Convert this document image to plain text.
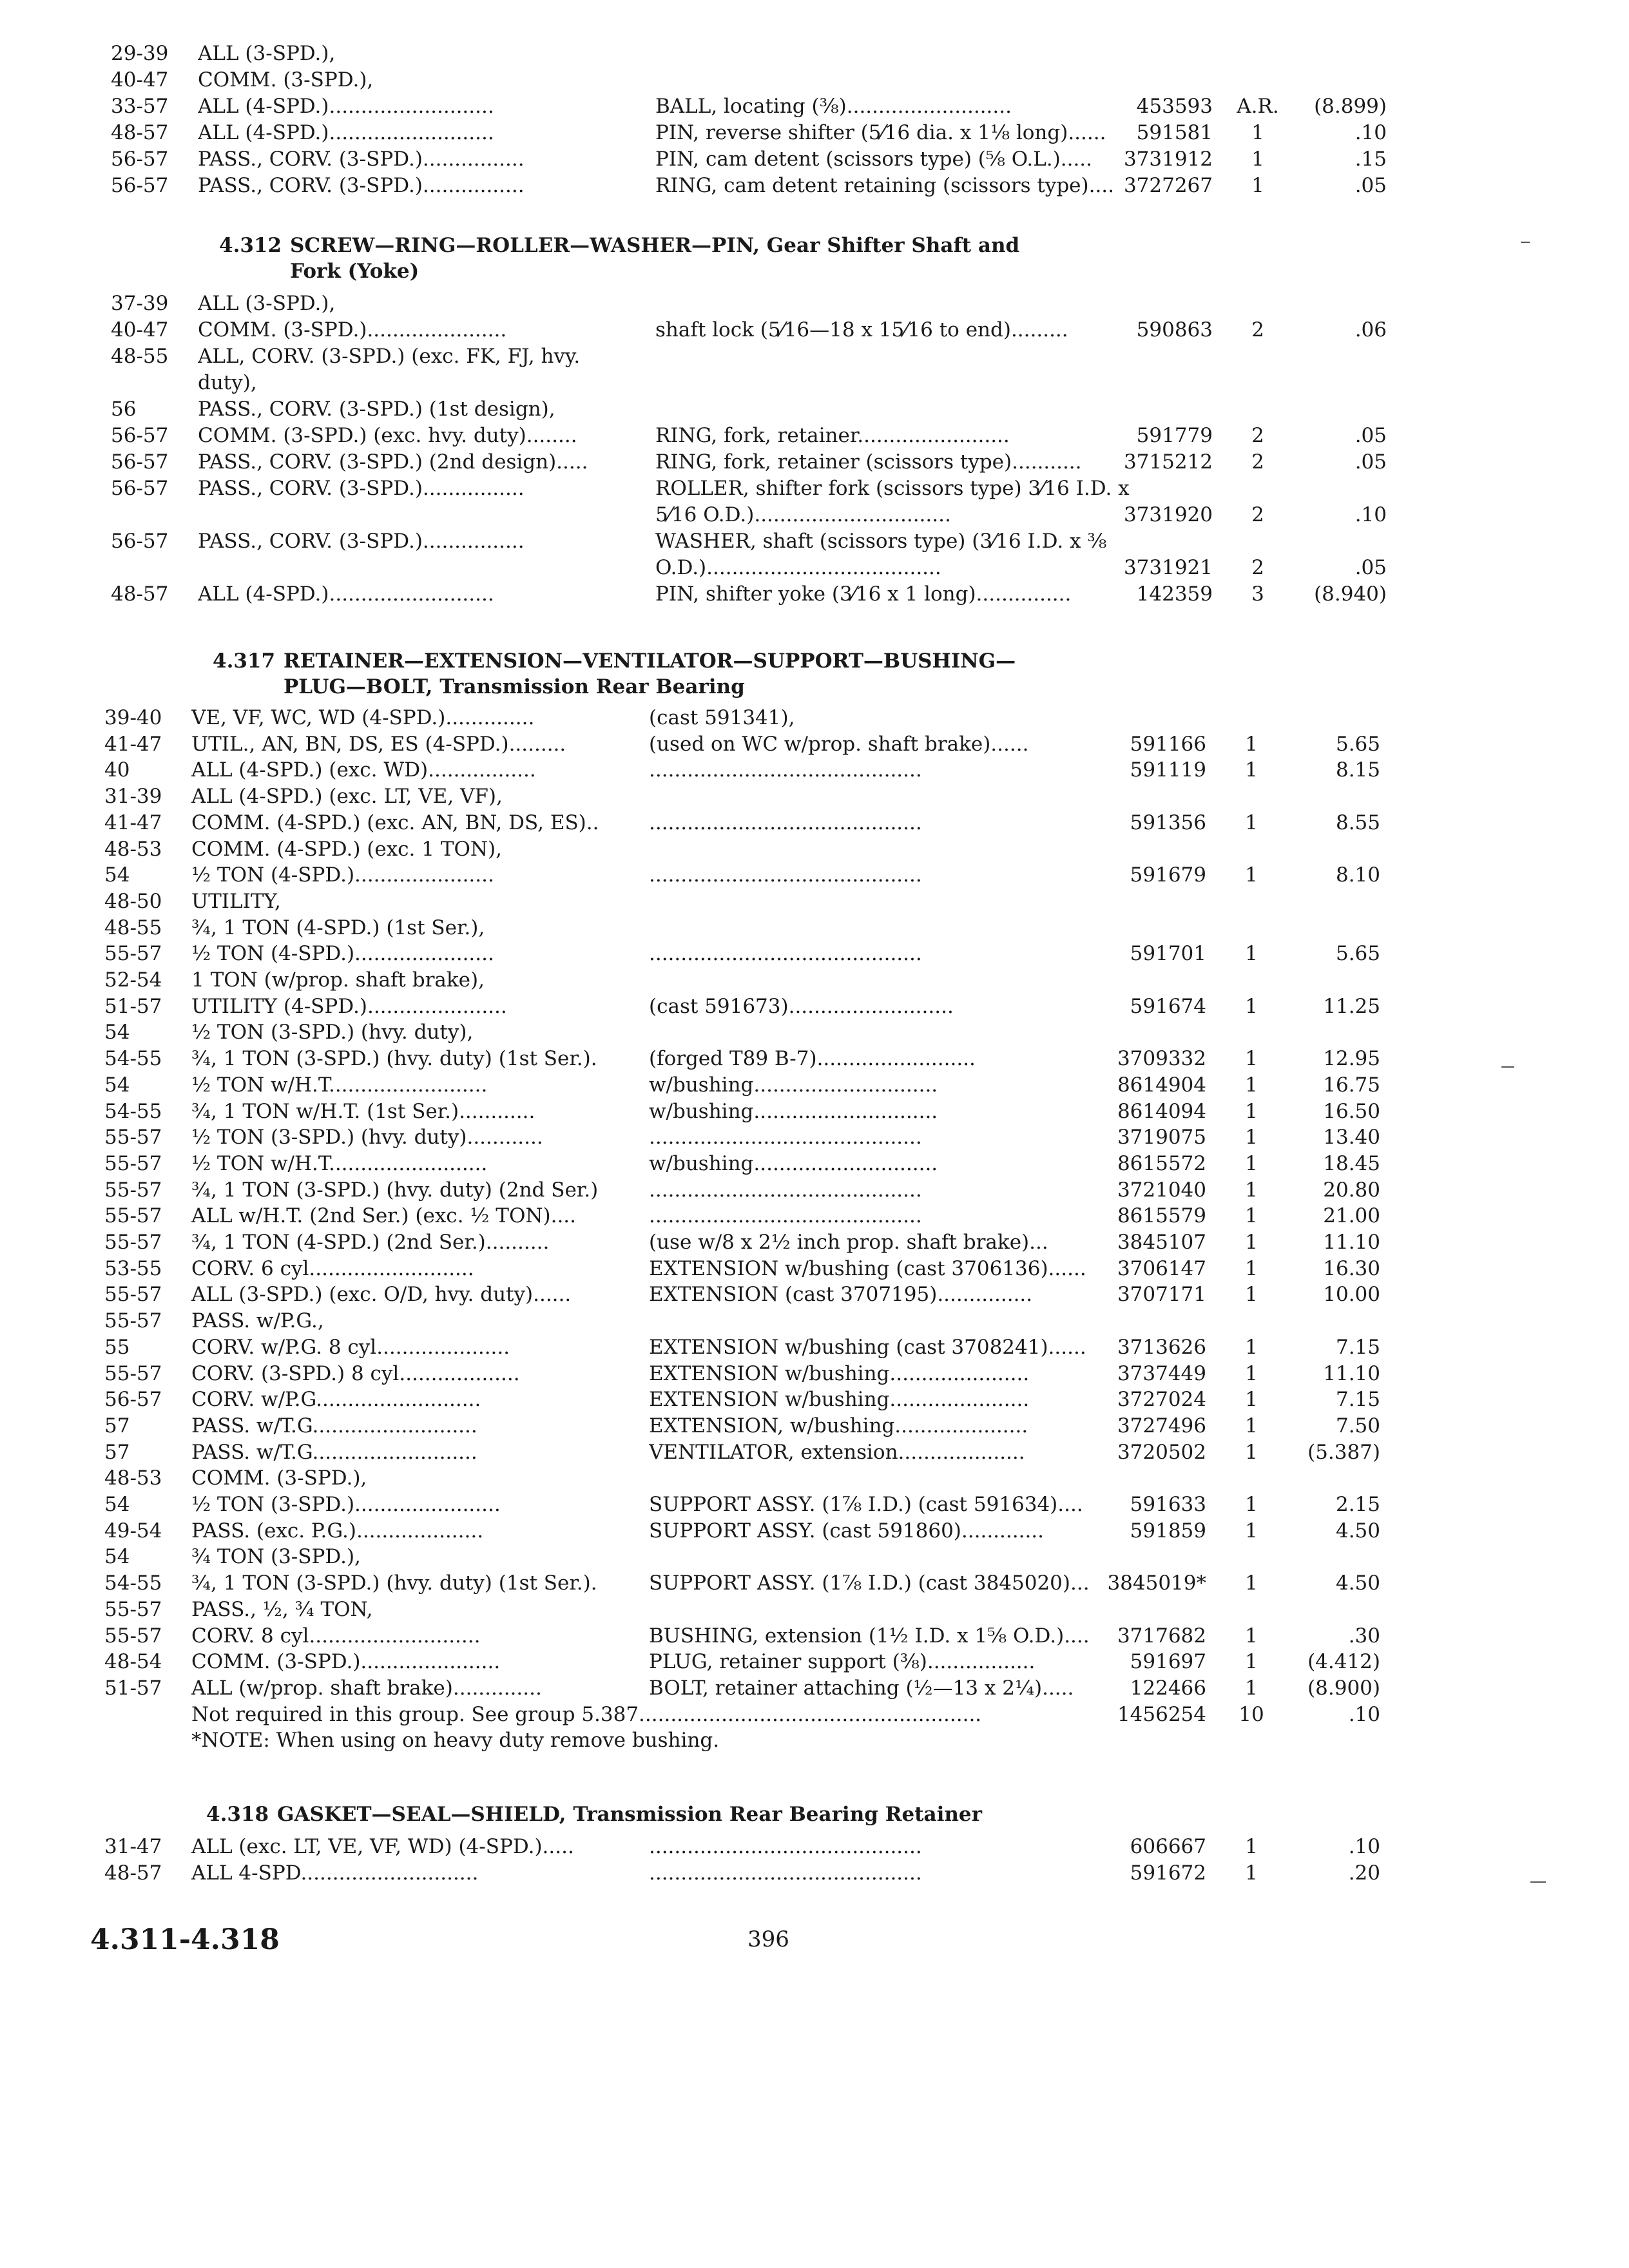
29-39	ALL (3-SPD.),
40-47	COMM. (3-SPD.),
33-57	ALL (4-SPD.)..........................	BALL, locating (⅜)..........................	453593 A.R.	(8.899)
48-57	ALL (4-SPD.)..........................	PIN, reverse shifter (5⁄16 dia. x 1⅛ long)......	591581	1	.10
56-57	PASS., CORV. (3-SPD.)................	PIN, cam detent (scissors type) (⅝ O.L.).....	3731912	1	.15
56-57	PASS., CORV. (3-SPD.)................	RING, cam detent retaining (scissors type).... 3727267	1	.05
4.312 SCREW—RING—ROLLER—WASHER—PIN, Gear Shifter Shaft and
Fork (Yoke)
37-39	ALL (3-SPD.),
40-47	COMM. (3-SPD.)......................	shaft lock (5⁄16—18 x 15⁄16 to end).........	590863	2	.06
48-55	ALL, CORV. (3-SPD.) (exc. FK, FJ, hvy.
duty),
56	PASS., CORV. (3-SPD.) (1st design),
56-57	COMM. (3-SPD.) (exc. hvy. duty)........	RING, fork, retainer........................	591779	2	.05
56-57	PASS., CORV. (3-SPD.) (2nd design).....	RING, fork, retainer (scissors type)...........	3715212	2	.05
56-57	PASS., CORV. (3-SPD.)................	ROLLER, shifter fork (scissors type) 3⁄16 I.D. x
5⁄16 O.D.)...............................	3731920	2	.10
56-57	PASS., CORV. (3-SPD.)................	WASHER, shaft (scissors type) (3⁄16 I.D. x ⅜
O.D.).....................................	3731921	2	.05
48-57	ALL (4-SPD.)..........................	PIN, shifter yoke (3⁄16 x 1 long)...............	142359	3	(8.940)
4.317 RETAINER—EXTENSION—VENTILATOR—SUPPORT—BUSHING—
PLUG—BOLT, Transmission Rear Bearing
39-40	VE, VF, WC, WD (4-SPD.)..............	(cast 591341),
41-47	UTIL., AN, BN, DS, ES (4-SPD.).........	(used on WC w/prop. shaft brake)......	591166	1	5.65
40	ALL (4-SPD.) (exc. WD).................	...........................................	591119	1	8.15
31-39	ALL (4-SPD.) (exc. LT, VE, VF),
41-47	COMM. (4-SPD.) (exc. AN, BN, DS, ES)..	...........................................	591356	1	8.55
48-53	COMM. (4-SPD.) (exc. 1 TON),
54	½ TON (4-SPD.)......................	...........................................	591679	1	8.10
48-50	UTILITY,
48-55	¾, 1 TON (4-SPD.) (1st Ser.),
55-57	½ TON (4-SPD.)......................	...........................................	591701	1	5.65
52-54	1 TON (w/prop. shaft brake),
51-57	UTILITY (4-SPD.)......................	(cast 591673)..........................	591674	1	11.25
54	½ TON (3-SPD.) (hvy. duty),
54-55	¾, 1 TON (3-SPD.) (hvy. duty) (1st Ser.).	(forged T89 B-7).........................	3709332	1	12.95
54	½ TON w/H.T.........................	w/bushing.............................	8614904	1	16.75
54-55	¾, 1 TON w/H.T. (1st Ser.)............	w/bushing.............................	8614094	1	16.50
55-57	½ TON (3-SPD.) (hvy. duty)............	...........................................	3719075	1	13.40
55-57	½ TON w/H.T.........................	w/bushing.............................	8615572	1	18.45
55-57	¾, 1 TON (3-SPD.) (hvy. duty) (2nd Ser.)	...........................................	3721040	1	20.80
55-57	ALL w/H.T. (2nd Ser.) (exc. ½ TON)....	...........................................	8615579	1	21.00
55-57	¾, 1 TON (4-SPD.) (2nd Ser.)..........	(use w/8 x 2½ inch prop. shaft brake)...	3845107	1	11.10
53-55	CORV. 6 cyl..........................	EXTENSION w/bushing (cast 3706136)......	3706147	1	16.30
55-57	ALL (3-SPD.) (exc. O/D, hvy. duty)......	EXTENSION (cast 3707195)...............	3707171	1	10.00
55-57	PASS. w/P.G.,
55	CORV. w/P.G. 8 cyl.....................	EXTENSION w/bushing (cast 3708241)......	3713626	1	7.15
55-57	CORV. (3-SPD.) 8 cyl...................	EXTENSION w/bushing......................	3737449	1	11.10
56-57	CORV. w/P.G..........................	EXTENSION w/bushing......................	3727024	1	7.15
57	PASS. w/T.G..........................	EXTENSION, w/bushing.....................	3727496	1	7.50
57	PASS. w/T.G..........................	VENTILATOR, extension....................	3720502	1	(5.387)
48-53	COMM. (3-SPD.),
54	½ TON (3-SPD.).......................	SUPPORT ASSY. (1⅞ I.D.) (cast 591634)....	591633	1	2.15
49-54	PASS. (exc. P.G.)....................	SUPPORT ASSY. (cast 591860).............	591859	1	4.50
54	¾ TON (3-SPD.),
54-55	¾, 1 TON (3-SPD.) (hvy. duty) (1st Ser.).	SUPPORT ASSY. (1⅞ I.D.) (cast 3845020)... 3845019*	1	4.50
55-57	PASS., ½, ¾ TON,
55-57	CORV. 8 cyl...........................	BUSHING, extension (1½ I.D. x 1⅝ O.D.)....	3717682	1	.30
48-54	COMM. (3-SPD.)......................	PLUG, retainer support (⅜).................	591697	1	(4.412)
51-57	ALL (w/prop. shaft brake)..............	BOLT, retainer attaching (½—13 x 2¼).....	122466	1	(8.900)
Not required in this group. See group 5.387......................................................	1456254	10	.10
*NOTE: When using on heavy duty remove bushing.
4.318 GASKET—SEAL—SHIELD, Transmission Rear Bearing Retainer
31-47	ALL (exc. LT, VE, VF, WD) (4-SPD.).....	...........................................	606667	1	.10
48-57	ALL 4-SPD............................	...........................................	591672	1	.20
4.311-4.318	396
